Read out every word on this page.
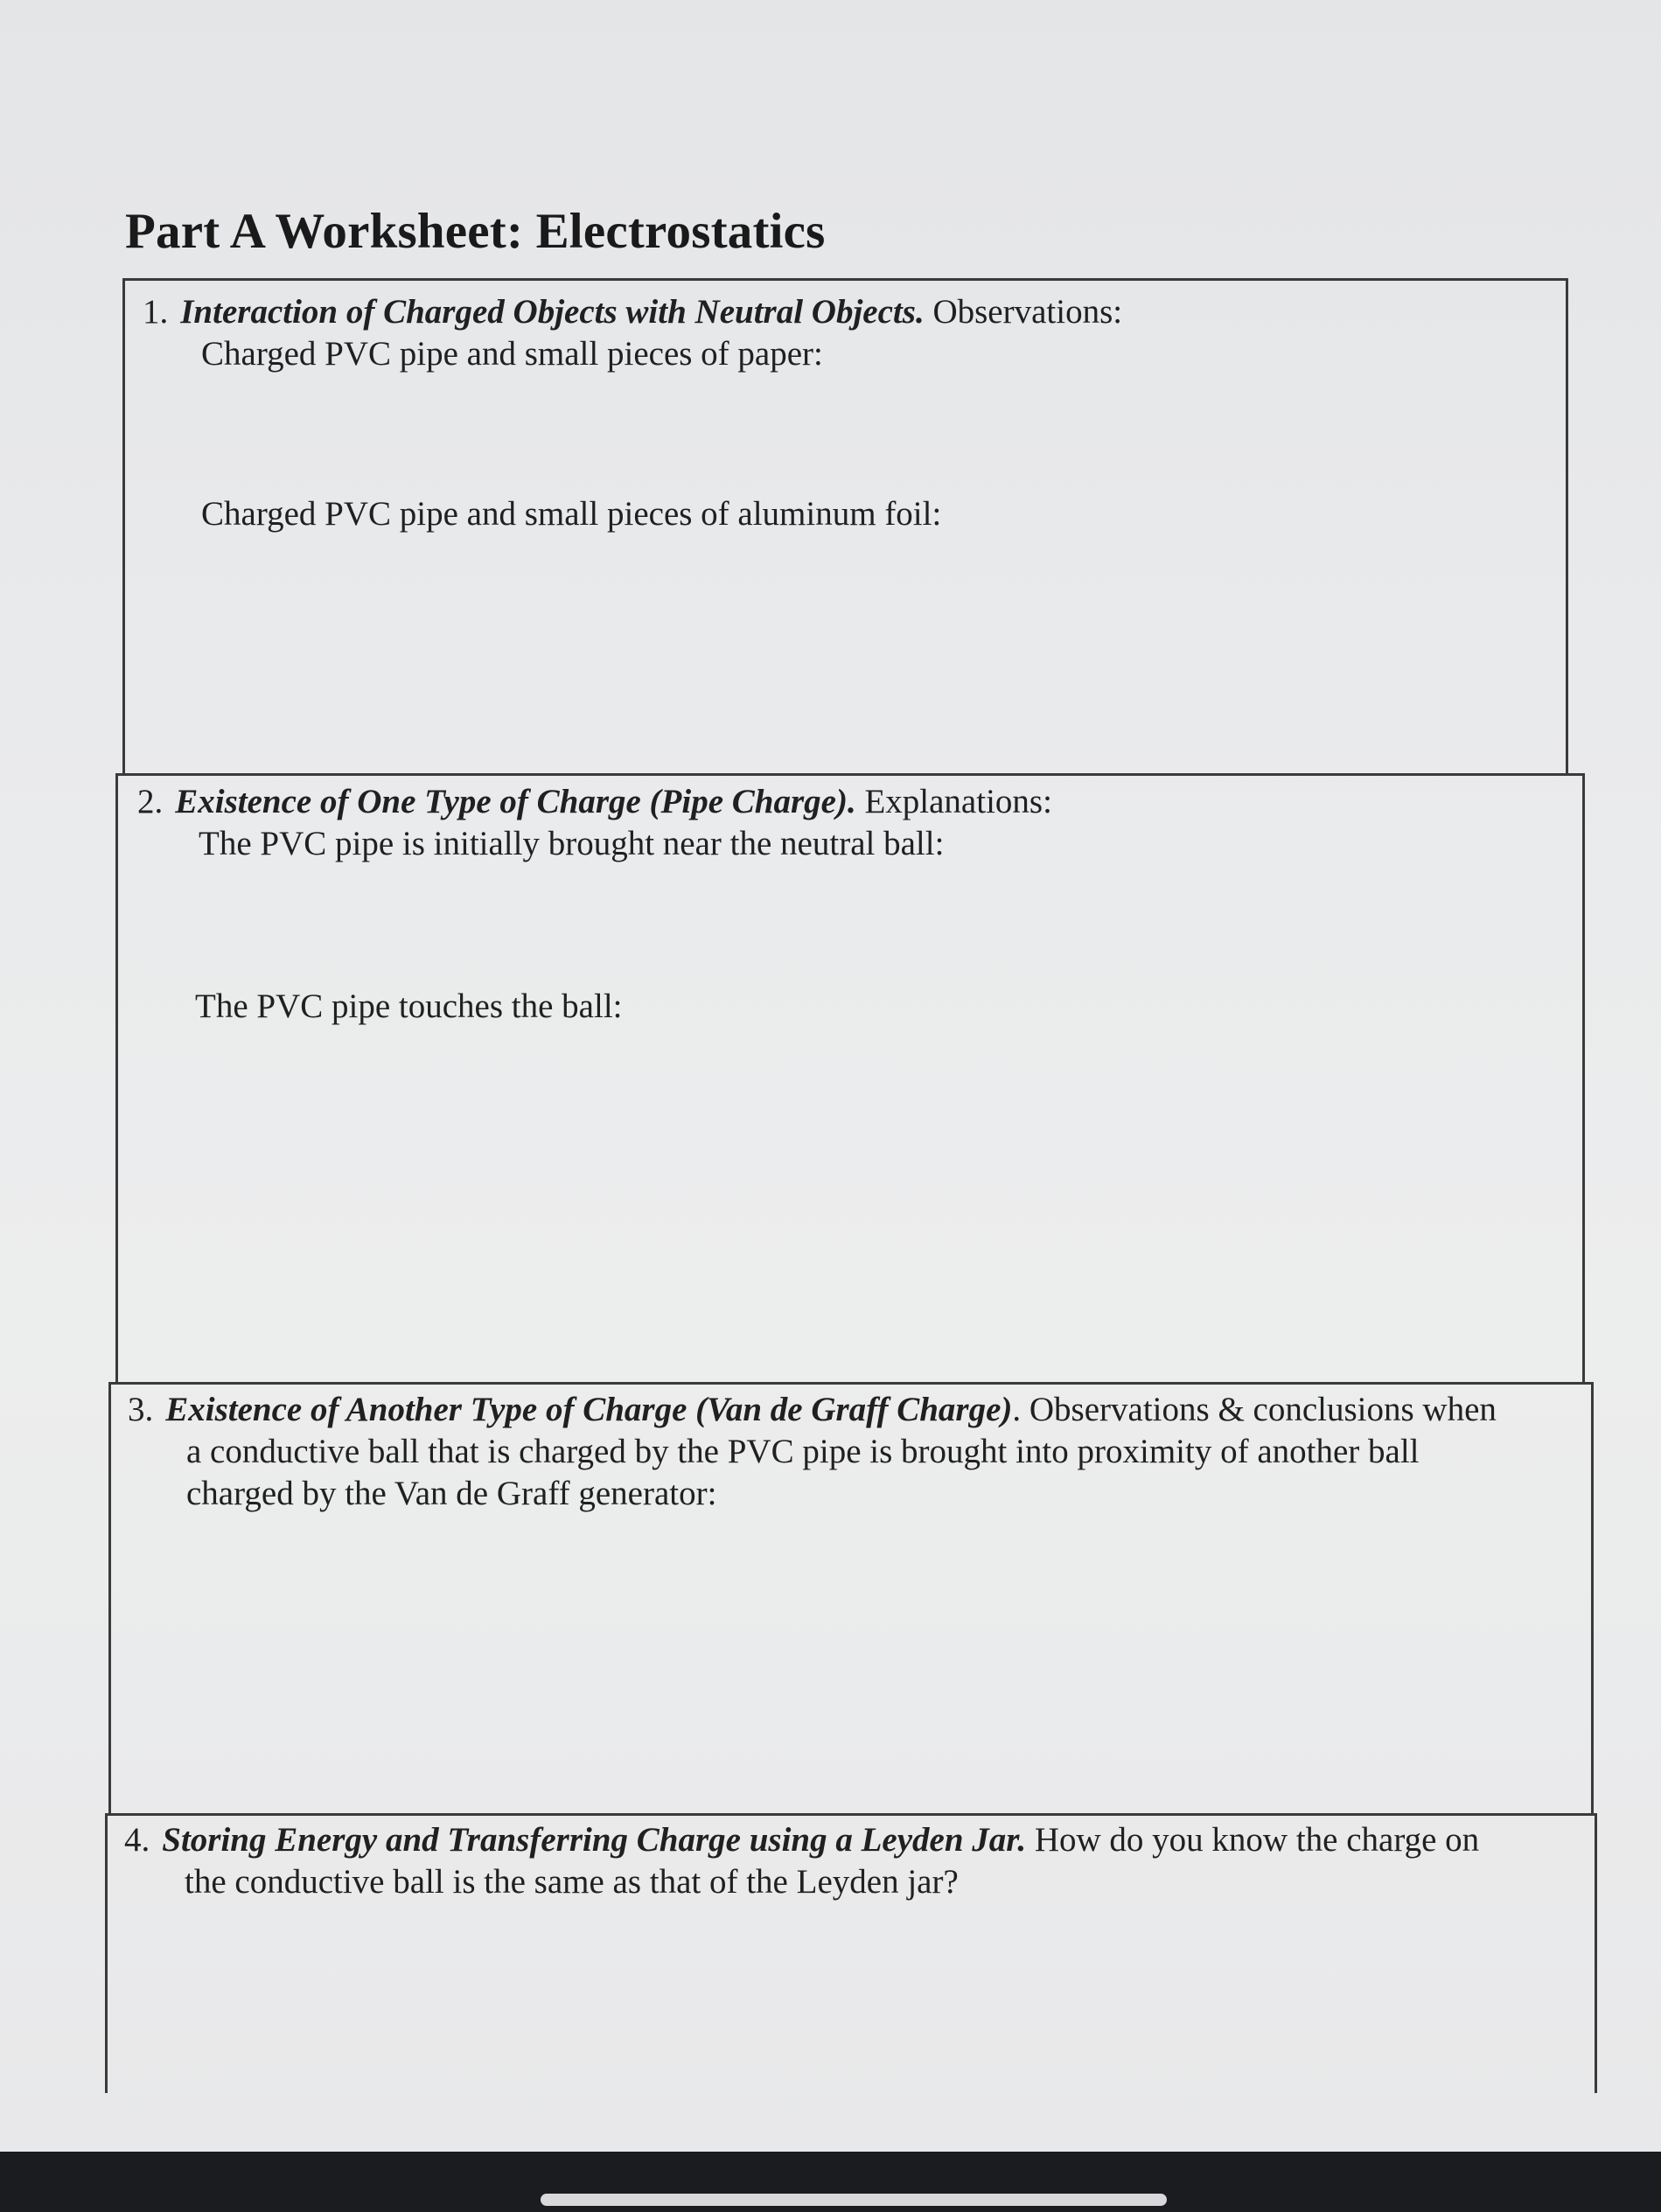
Part A Worksheet: Electrostatics
1. Interaction of Charged Objects with Neutral Objects. Observations:
Charged PVC pipe and small pieces of paper:
Charged PVC pipe and small pieces of aluminum foil:
2. Existence of One Type of Charge (Pipe Charge). Explanations:
The PVC pipe is initially brought near the neutral ball:
The PVC pipe touches the ball:
3. Existence of Another Type of Charge (Van de Graff Charge). Observations & conclusions when
a conductive ball that is charged by the PVC pipe is brought into proximity of another ball
charged by the Van de Graff generator:
4. Storing Energy and Transferring Charge using a Leyden Jar. How do you know the charge on
the conductive ball is the same as that of the Leyden jar?
